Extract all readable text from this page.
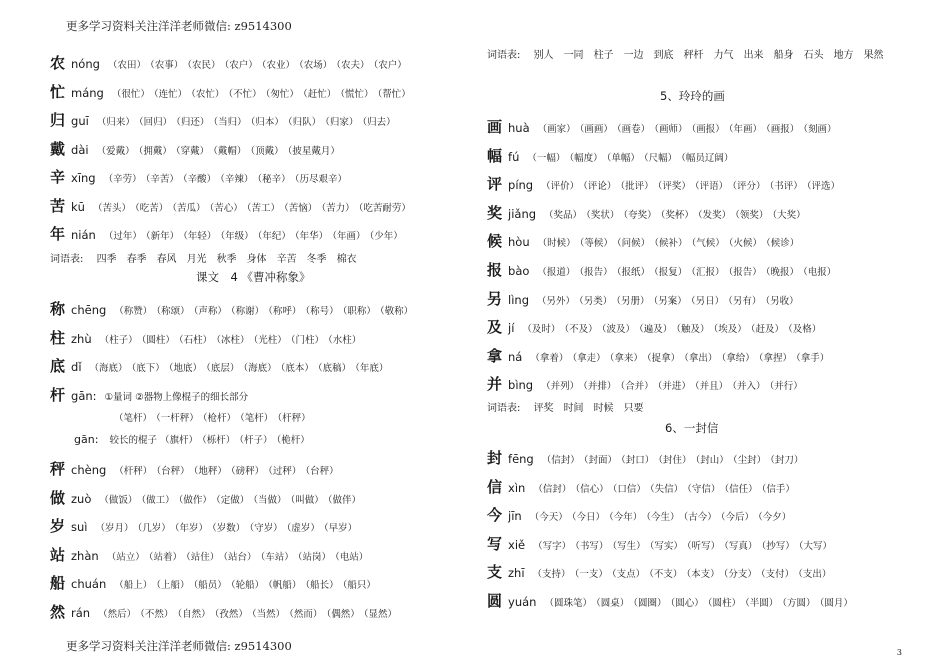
更多学习资料关注洋洋老师微信: z9514300
更多学习资料关注洋洋老师微信: z9514300	3
农 nóng （农田） （农事） （农民） （农户） （农业） （农场） （农夫） （农户）
忙 máng （很忙） （连忙） （农忙） （不忙） （匆忙） （赶忙） （慌忙） （帮忙）
归 guī （归来） （回归） （归还） （当归） （归本） （归队） （归家） （归去）
戴 dài （爱戴） （拥戴） （穿戴） （戴帽） （顶戴） （披星戴月）
辛 xīng （辛劳） （辛苦） （辛酸） （辛辣） （秘辛） （历尽艰辛）
苦 kū （苦头） （吃苦） （苦瓜） （苦心） （苦工） （苦恼） （苦力） （吃苦耐劳）
年 nián （过年） （新年） （年轻） （年级） （年纪） （年华） （年画） （少年）
词语表: 四季 春季 春风 月光 秋季 身体 辛苦 冬季 棉衣
课文　4 《曹冲称象》
称 chēng （称赞） （称颂） （声称） （称谢） （称呼） （称号） （职称） （敬称）
柱 zhù （柱子） （圆柱） （石柱） （冰柱） （光柱） （门柱） （水柱）
底 dǐ （海底） （底下） （地底） （底层） （海底） （底本） （底稿） （年底）
杆 gān: ①量词 ②器物上像棍子的细长部分
（笔杆） （一杆秤） （枪杆） （笔杆） （杆秤）
gān: 较长的棍子 （旗杆） （栎杆） （杆子） （桅杆）
秤 chèng （杆秤） （台秤） （地秤） （磅秤） （过秤） （台秤）
做 zuò （做饭） （做工） （做作） （定做） （当做） （叫做） （做伴）
岁 suì （岁月） （几岁） （年岁） （岁数） （守岁） （虚岁） （早岁）
站 zhàn （站立） （站着） （站住） （站台） （车站） （站岗） （电站）
船 chuán （船上） （上船） （船员） （轮船） （帆船） （船长） （船只）
然 rán （然后） （不然） （自然） （孜然） （当然） （然而） （偶然） （显然）
词语表: 别人 一同 柱子 一边 到底 秤杆 力气 出来 船身 石头 地方 果然
5、玲玲的画
画 huà （画家） （画画） （画卷） （画师） （画报） （年画） （画报） （刻画）
幅 fú （一幅） （幅度） （单幅） （尺幅） （幅员辽阔）
评 píng （评价） （评论） （批评） （评奖） （评语） （评分） （书评） （评选）
奖 jiǎng （奖品） （奖状） （夸奖） （奖杯） （发奖） （领奖） （大奖）
候 hòu （时候） （等候） （问候） （候补） （气候） （火候） （候诊）
报 bào （报道） （报告） （报纸） （报复） （汇报） （报告） （晚报） （电报）
另 lìng （另外） （另类） （另册） （另案） （另日） （另有） （另收）
及 jí （及时） （不及） （波及） （遍及） （触及） （埃及） （赶及） （及格）
拿 ná （拿着） （拿走） （拿来） （捉拿） （拿出） （拿给） （拿捏） （拿手）
并 bìng （并列） （并排） （合并） （并进） （并且） （并入） （并行）
词语表: 评奖 时间 时候 只要
6、一封信
封 fēng （信封） （封面） （封口） （封住） （封山） （尘封） （封刀）
信 xìn （信封） （信心） （口信） （失信） （守信） （信任） （信手）
今 jīn （今天） （今日） （今年） （今生） （古今） （今后） （今夕）
写 xiě （写字） （书写） （写生） （写实） （听写） （写真） （抄写） （大写）
支 zhī （支持） （一支） （支点） （不支） （本支） （分支） （支付） （支出）
圆 yuán （圆珠笔） （圆桌） （圆圈） （圆心） （圆柱） （半圆） （方圆） （圆月）
